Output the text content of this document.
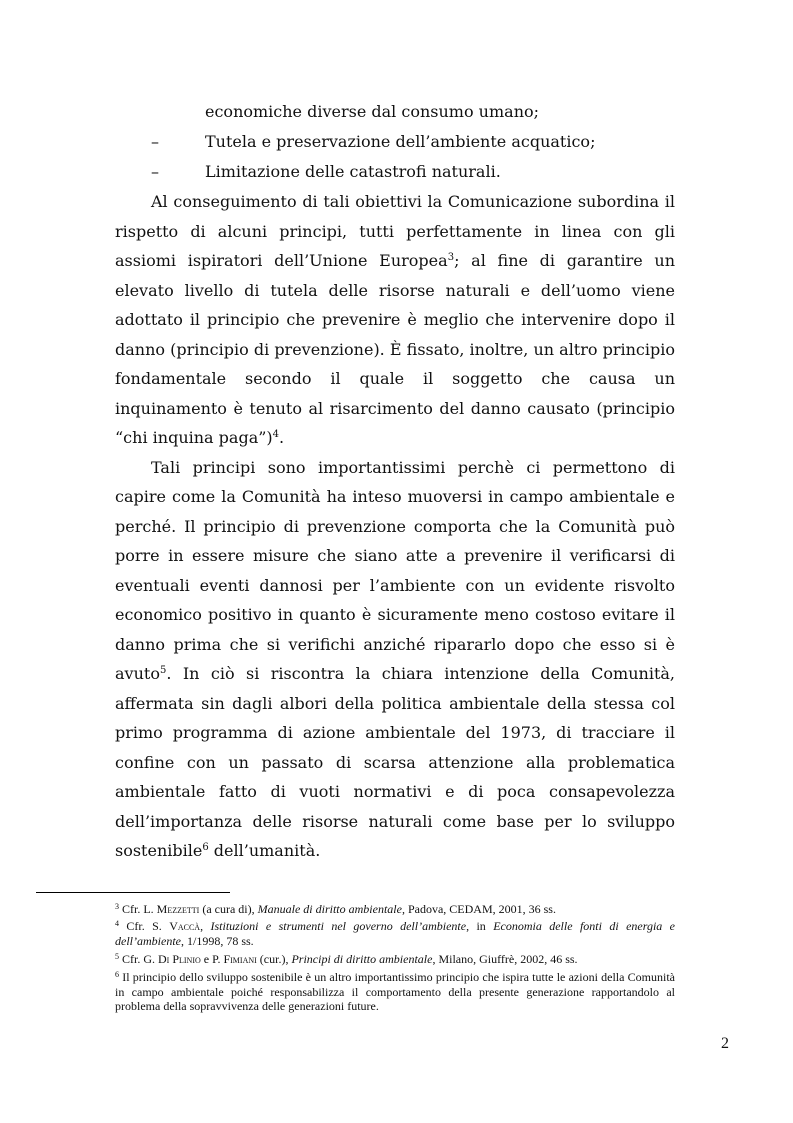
economiche diverse dal consumo umano;
–	Tutela e preservazione dell’ambiente acquatico;
–	Limitazione delle catastrofi naturali.
Al conseguimento di tali obiettivi la Comunicazione subordina il
rispetto di alcuni principi, tutti perfettamente in linea con gli
assiomi ispiratori dell’Unione Europea$^3$; al fine di garantire un
elevato livello di tutela delle risorse naturali e dell’uomo viene
adottato il principio che prevenire è meglio che intervenire dopo il
danno (principio di prevenzione). È fissato, inoltre, un altro principio
fondamentale secondo il quale il soggetto che causa un
inquinamento è tenuto al risarcimento del danno causato (principio
“chi inquina paga”)$^4$.
Tali principi sono importantissimi perchè ci permettono di
capire come la Comunità ha inteso muoversi in campo ambientale e
perché. Il principio di prevenzione comporta che la Comunità può
porre in essere misure che siano atte a prevenire il verificarsi di
eventuali eventi dannosi per l’ambiente con un evidente risvolto
economico positivo in quanto è sicuramente meno costoso evitare il
danno prima che si verifichi anziché ripararlo dopo che esso si è
avuto$^5$. In ciò si riscontra la chiara intenzione della Comunità,
affermata sin dagli albori della politica ambientale della stessa col
primo programma di azione ambientale del 1973, di tracciare il
confine con un passato di scarsa attenzione alla problematica
ambientale fatto di vuoti normativi e di poca consapevolezza
dell’importanza delle risorse naturali come base per lo sviluppo
sostenibile$^6$ dell’umanità.
$^3$ Cfr. L. Mezzetti (a cura di), Manuale di diritto ambientale, Padova, CEDAM, 2001, 36 ss.
$^4$ Cfr. S. Vaccà, Istituzioni e strumenti nel governo dell’ambiente, in Economia delle fonti di energia e dell’ambiente, 1/1998, 78 ss.
$^5$ Cfr. G. Di Plinio e P. Fimiani (cur.), Principi di diritto ambientale, Milano, Giuffrè, 2002, 46 ss.
$^6$ Il principio dello sviluppo sostenibile è un altro importantissimo principio che ispira tutte le azioni della Comunità in campo ambientale poiché responsabilizza il comportamento della presente generazione rapportandolo al problema della sopravvivenza delle generazioni future.
2
